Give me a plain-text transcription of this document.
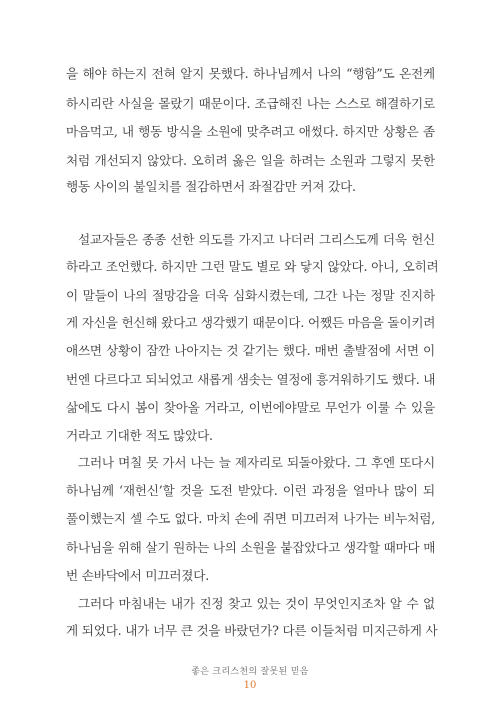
을 해야 하는지 전혀 알지 못했다. 하나님께서 나의 “행함”도 온전케
하시리란 사실을 몰랐기 때문이다. 조급해진 나는 스스로 해결하기로
마음먹고, 내 행동 방식을 소원에 맞추려고 애썼다. 하지만 상황은 좀
처럼 개선되지 않았다. 오히려 옳은 일을 하려는 소원과 그렇지 못한
행동 사이의 불일치를 절감하면서 좌절감만 커져 갔다.
설교자들은 종종 선한 의도를 가지고 나더러 그리스도께 더욱 헌신
하라고 조언했다. 하지만 그런 말도 별로 와 닿지 않았다. 아니, 오히려
이 말들이 나의 절망감을 더욱 심화시켰는데, 그간 나는 정말 진지하
게 자신을 헌신해 왔다고 생각했기 때문이다. 어쨌든 마음을 돌이키려
애쓰면 상황이 잠깐 나아지는 것 같기는 했다. 매번 출발점에 서면 이
번엔 다르다고 되뇌었고 새롭게 샘솟는 열정에 흥겨워하기도 했다. 내
삶에도 다시 봄이 찾아올 거라고, 이번에야말로 무언가 이룰 수 있을
거라고 기대한 적도 많았다.
그러나 며칠 못 가서 나는 늘 제자리로 되돌아왔다. 그 후엔 또다시
하나님께 ‘재헌신’할 것을 도전 받았다. 이런 과정을 얼마나 많이 되
풀이했는지 셀 수도 없다. 마치 손에 쥐면 미끄러져 나가는 비누처럼,
하나님을 위해 살기 원하는 나의 소원을 붙잡았다고 생각할 때마다 매
번 손바닥에서 미끄러졌다.
그러다 마침내는 내가 진정 찾고 있는 것이 무엇인지조차 알 수 없
게 되었다. 내가 너무 큰 것을 바랐던가? 다른 이들처럼 미지근하게 사
좋은 크리스천의 잘못된 믿음
10
